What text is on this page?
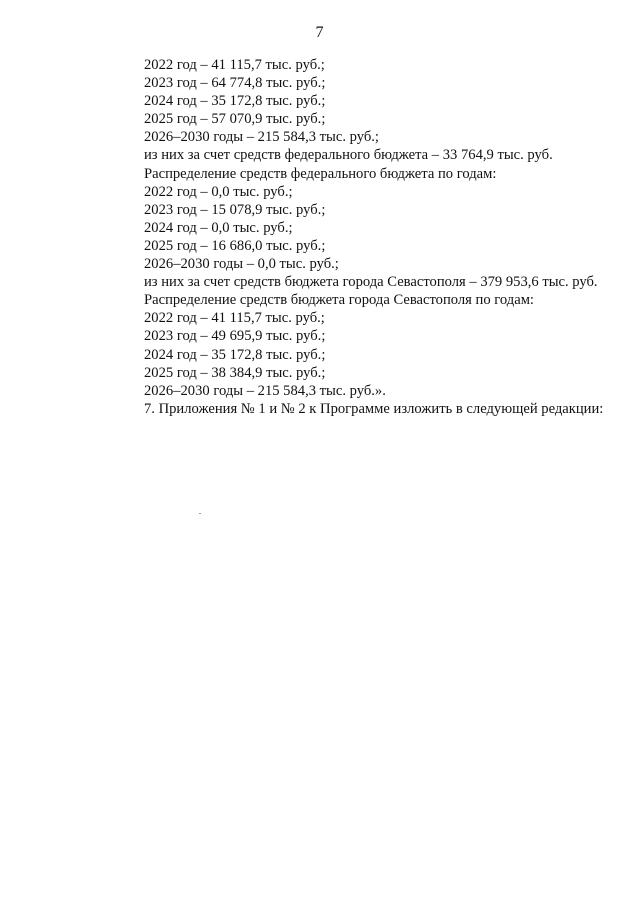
7

2022 год – 41 115,7 тыс. руб.;

2023 год – 64 774,8 тыс. руб.;

2024 год – 35 172,8 тыс. руб.;

2025 год – 57 070,9 тыс. руб.;

2026–2030 годы – 215 584,3 тыс. руб.;

из них за счет средств федерального бюджета – 33 764,9 тыс. руб.

Распределение средств федерального бюджета по годам:

2022 год – 0,0 тыс. руб.;

2023 год – 15 078,9 тыс. руб.;

2024 год – 0,0 тыс. руб.;

2025 год – 16 686,0 тыс. руб.;

2026–2030 годы – 0,0 тыс. руб.;

из них за счет средств бюджета города Севастополя – 379 953,6 тыс. руб.

Распределение средств бюджета города Севастополя по годам:

2022 год – 41 115,7 тыс. руб.;

2023 год – 49 695,9 тыс. руб.;

2024 год – 35 172,8 тыс. руб.;

2025 год – 38 384,9 тыс. руб.;

2026–2030 годы – 215 584,3 тыс. руб.».

7. Приложения № 1 и № 2 к Программе изложить в следующей редакции:
